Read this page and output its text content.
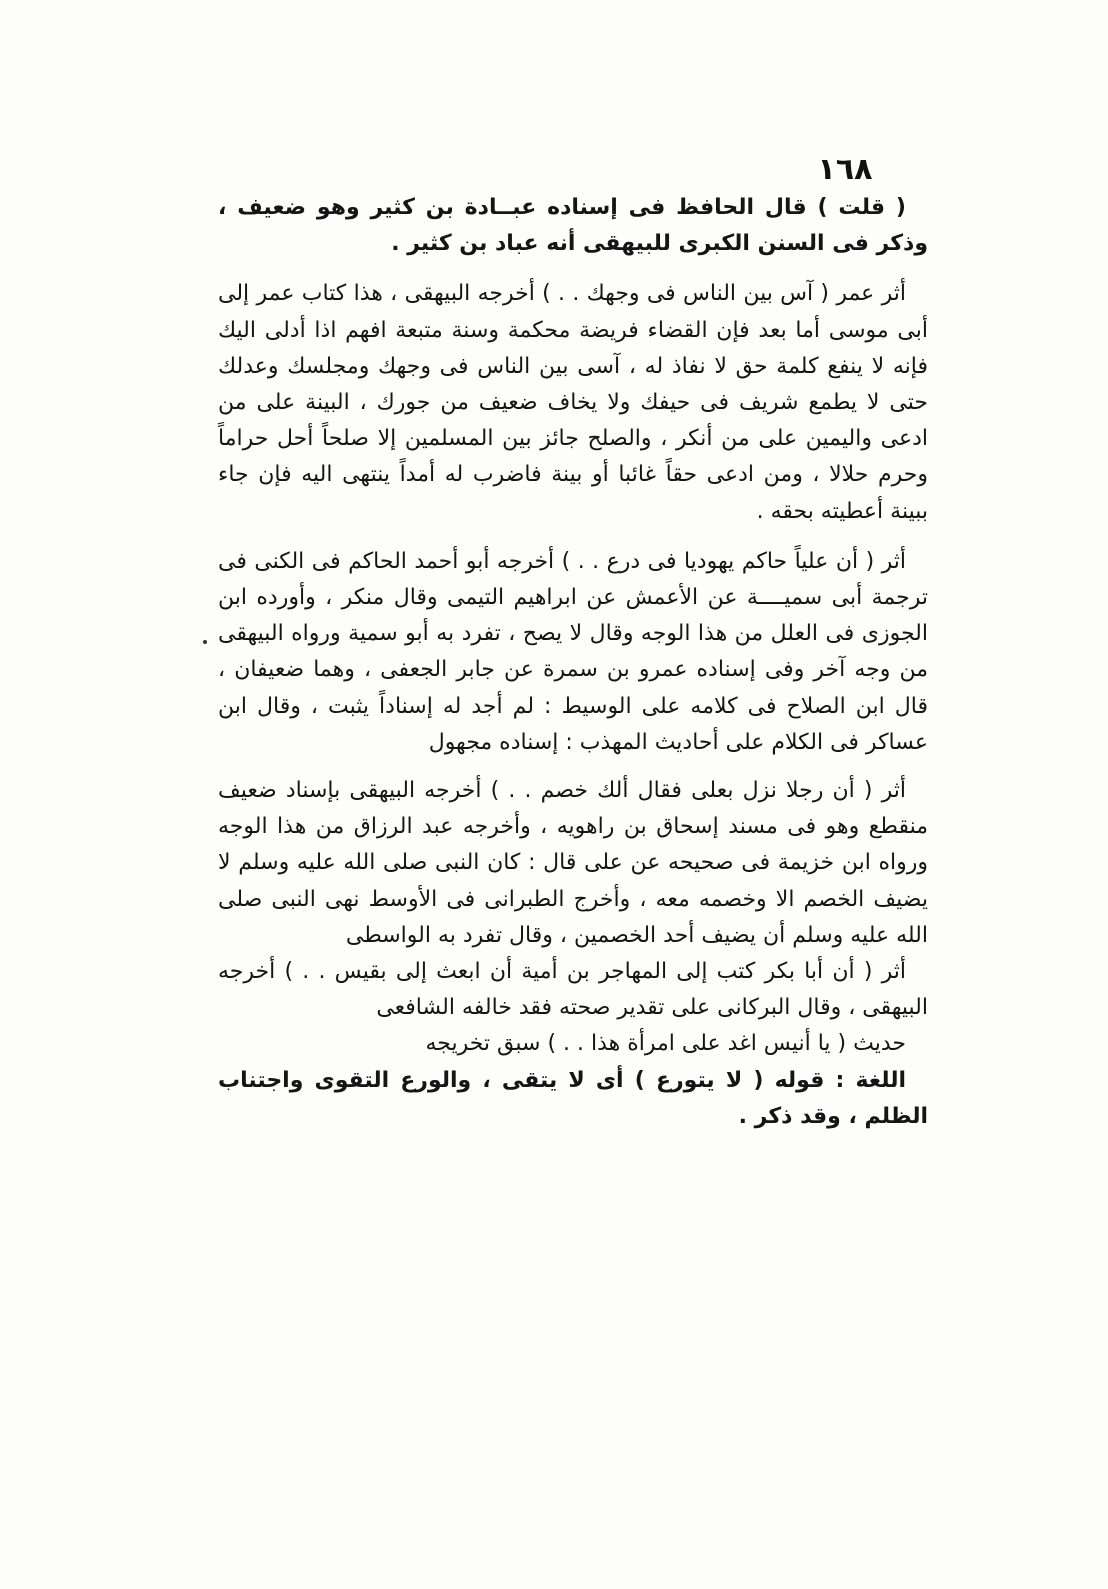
١٦٨

( قلت ) قال الحافظ فى إسناده عبــادة بن كثير وهو ضعيف ، وذكر فى السنن الكبرى للبيهقى أنه عباد بن كثير .

أثر عمر ( آس بين الناس فى وجهك . . ) أخرجه البيهقى ، هذا كتاب عمر إلى أبى موسى أما بعد فإن القضاء فريضة محكمة وسنة متبعة افهم اذا أدلى اليك فإنه لا ينفع كلمة حق لا نفاذ له ، آسى بين الناس فى وجهك ومجلسك وعدلك حتى لا يطمع شريف فى حيفك ولا يخاف ضعيف من جورك ، البينة على من ادعى واليمين على من أنكر ، والصلح جائز بين المسلمين إلا صلحاً أحل حراماً وحرم حلالا ، ومن ادعى حقاً غائبا أو بينة فاضرب له أمداً ينتهى اليه فإن جاء ببينة أعطيته بحقه .

أثر ( أن علياً حاكم يهوديا فى درع . . ) أخرجه أبو أحمد الحاكم فى الكنى فى ترجمة أبى سميــــة عن الأعمش عن ابراهيم التيمى وقال منكر ، وأورده ابن الجوزى فى العلل من هذا الوجه وقال لا يصح ، تفرد به أبو سمية ورواه البيهقى من وجه آخر وفى إسناده عمرو بن سمرة عن جابر الجعفى ، وهما ضعيفان ، قال ابن الصلاح فى كلامه على الوسيط : لم أجد له إسناداً يثبت ، وقال ابن عساكر فى الكلام على أحاديث المهذب : إسناده مجهول

أثر ( أن رجلا نزل بعلى فقال ألك خصم . . ) أخرجه البيهقى بإسناد ضعيف منقطع وهو فى مسند إسحاق بن راهويه ، وأخرجه عبد الرزاق من هذا الوجه ورواه ابن خزيمة فى صحيحه عن على قال : كان النبى صلى الله عليه وسلم لا يضيف الخصم الا وخصمه معه ، وأخرج الطبرانى فى الأوسط نهى النبى صلى الله عليه وسلم أن يضيف أحد الخصمين ، وقال تفرد به الواسطى

أثر ( أن أبا بكر كتب إلى المهاجر بن أمية أن ابعث إلى بقيس . . ) أخرجه البيهقى ، وقال البركانى على تقدير صحته فقد خالفه الشافعى

حديث ( يا أنيس اغد على امرأة هذا . . ) سبق تخريجه

اللغة : قوله ( لا يتورع ) أى لا يتقى ، والورع التقوى واجتناب الظلم ، وقد ذكر .
